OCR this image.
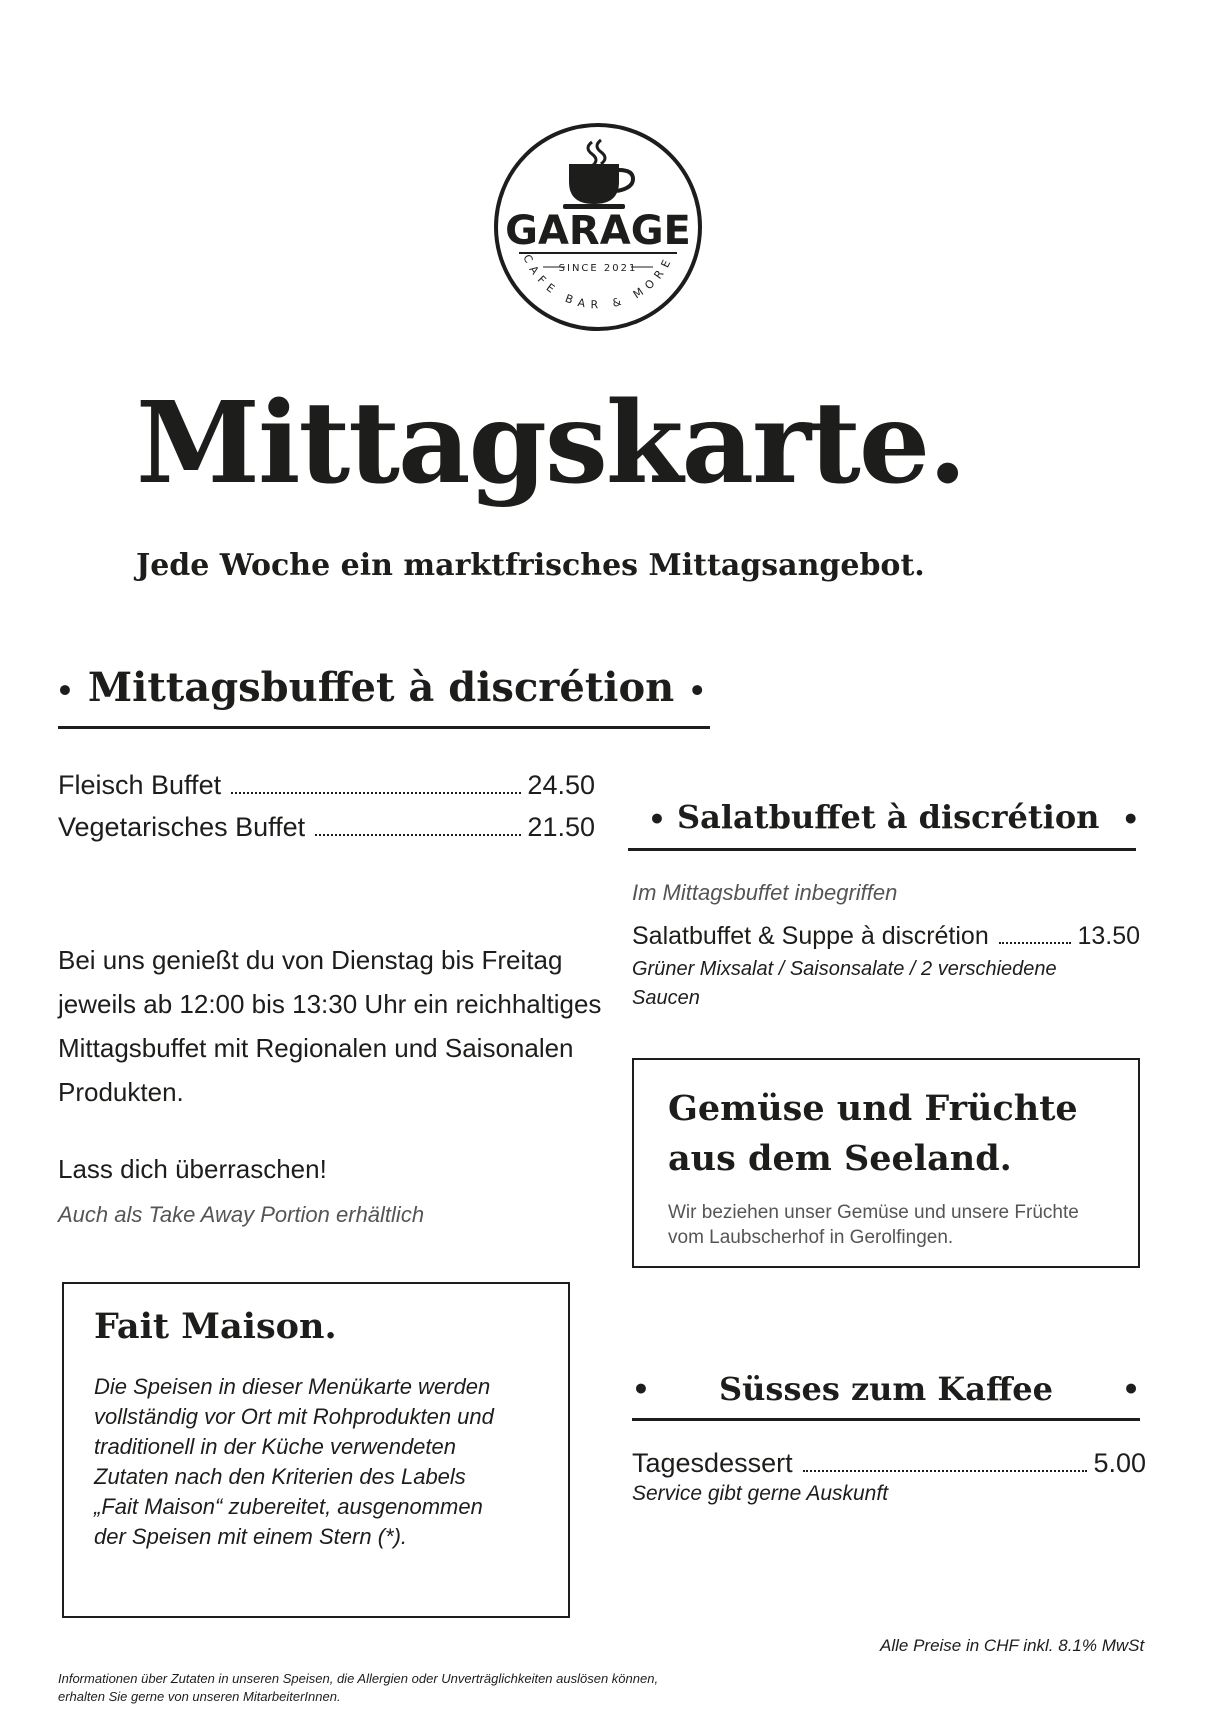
GARAGE
SINCE 2021
CAFE BAR & MORE
Mittagskarte.
Jede Woche ein marktfrisches Mittagsangebot.
• Mittagsbuffet à discrétion •
Fleisch Buffet	24.50
Vegetarisches Buffet	21.50
Bei uns genießt du von Dienstag bis Freitag jeweils ab 12:00 bis 13:30 Uhr ein reichhaltiges Mittagsbuffet mit Regionalen und Saisonalen Produkten.
Lass dich überraschen!
Auch als Take Away Portion erhältlich
• Salatbuffet à discrétion •
Im Mittagsbuffet inbegriffen
Salatbuffet & Suppe à discrétion	13.50
Grüner Mixsalat / Saisonsalate / 2 verschiedene Saucen
Gemüse und Früchte aus dem Seeland.
Wir beziehen unser Gemüse und unsere Früchte vom Laubscherhof in Gerolfingen.
Fait Maison.
Die Speisen in dieser Menükarte werden vollständig vor Ort mit Rohprodukten und traditionell in der Küche verwendeten Zutaten nach den Kriterien des Labels „Fait Maison“ zubereitet, ausgenommen der Speisen mit einem Stern (*).
• Süsses zum Kaffee •
Tagesdessert	5.00
Service gibt gerne Auskunft
Alle Preise in CHF inkl. 8.1% MwSt
Informationen über Zutaten in unseren Speisen, die Allergien oder Unverträglichkeiten auslösen können, erhalten Sie gerne von unseren MitarbeiterInnen.
